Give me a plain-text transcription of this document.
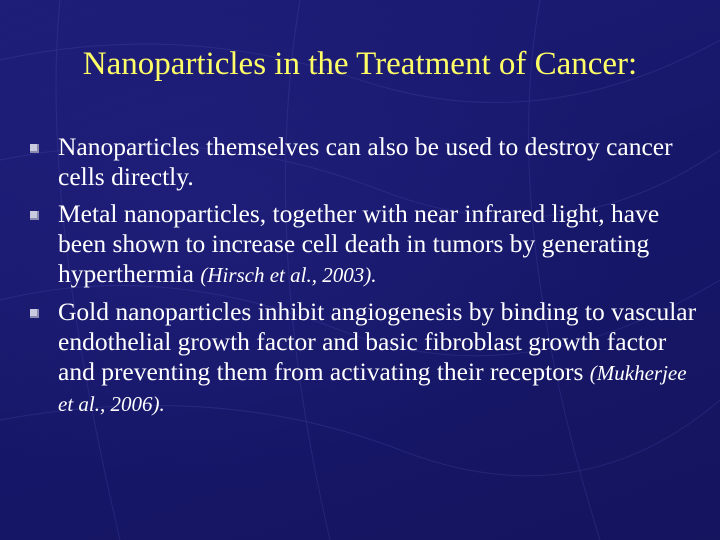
Nanoparticles in the Treatment of Cancer:
Nanoparticles themselves can also be used to destroy cancer cells directly.
Metal nanoparticles, together with near infrared light, have been shown to increase cell death in tumors by generating hyperthermia (Hirsch et al., 2003).
Gold nanoparticles inhibit angiogenesis by binding to vascular endothelial growth factor and basic fibroblast growth factor and preventing them from activating their receptors (Mukherjee et al., 2006).
